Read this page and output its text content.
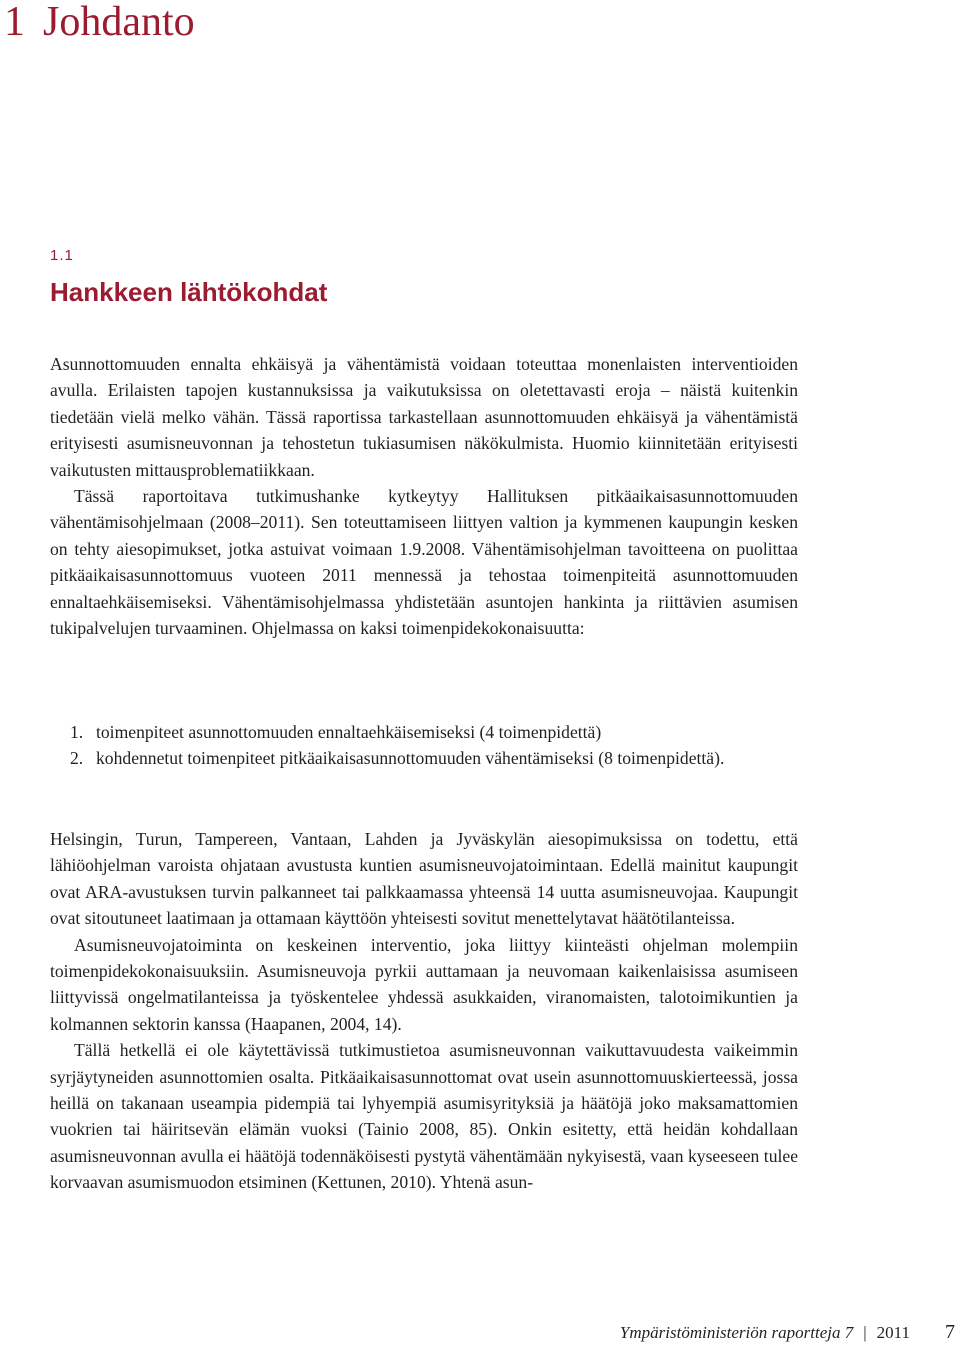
1 Johdanto
1.1
Hankkeen lähtökohdat

Asunnottomuuden ennalta ehkäisyä ja vähentämistä voidaan toteuttaa monenlaisten interventioiden avulla. Erilaisten tapojen kustannuksissa ja vaikutuksissa on oletettavasti eroja – näistä kuitenkin tiedetään vielä melko vähän. Tässä raportissa tarkastellaan asunnottomuuden ehkäisyä ja vähentämistä erityisesti asumisneuvonnan ja tehostetun tukiasumisen näkökulmista. Huomio kiinnitetään erityisesti vaikutusten mittausproblematiikkaan.

Tässä raportoitava tutkimushanke kytkeytyy Hallituksen pitkäaikaisasunnottomuuden vähentämisohjelmaan (2008–2011). Sen toteuttamiseen liittyen valtion ja kymmenen kaupungin kesken on tehty aiesopimukset, jotka astuivat voimaan 1.9.2008. Vähentämisohjelman tavoitteena on puolittaa pitkäaikaisasunnottomuus vuoteen 2011 mennessä ja tehostaa toimenpiteitä asunnottomuuden ennaltaehkäisemiseksi. Vähentämisohjelmassa yhdistetään asuntojen hankinta ja riittävien asumisen tukipalvelujen turvaaminen. Ohjelmassa on kaksi toimenpidekokonaisuutta:

1. toimenpiteet asunnottomuuden ennaltaehkäisemiseksi (4 toimenpidettä)
2. kohdennetut toimenpiteet pitkäaikaisasunnottomuuden vähentämiseksi (8 toimenpidettä).

Helsingin, Turun, Tampereen, Vantaan, Lahden ja Jyväskylän aiesopimuksissa on todettu, että lähiöohjelman varoista ohjataan avustusta kuntien asumisneuvojatoimintaan. Edellä mainitut kaupungit ovat ARA-avustuksen turvin palkanneet tai palkkaamassa yhteensä 14 uutta asumisneuvojaa. Kaupungit ovat sitoutuneet laatimaan ja ottamaan käyttöön yhteisesti sovitut menettelytavat häätötilanteissa.

Asumisneuvojatoiminta on keskeinen interventio, joka liittyy kiinteästi ohjelman molempiin toimenpidekokonaisuuksiin. Asumisneuvoja pyrkii auttamaan ja neuvomaan kaikenlaisissa asumiseen liittyvissä ongelmatilanteissa ja työskentelee yhdessä asukkaiden, viranomaisten, talotoimikuntien ja kolmannen sektorin kanssa (Haapanen, 2004, 14).

Tällä hetkellä ei ole käytettävissä tutkimustietoa asumisneuvonnan vaikuttavuudesta vaikeimmin syrjäytyneiden asunnottomien osalta. Pitkäaikaisasunnottomat ovat usein asunnottomuuskierteessä, jossa heillä on takanaan useampia pidempiä tai lyhyempiä asumisyrityksiä ja häätöjä joko maksamattomien vuokrien tai häiritsevän elämän vuoksi (Tainio 2008, 85). Onkin esitetty, että heidän kohdallaan asumisneuvonnan avulla ei häätöjä todennäköisesti pystytä vähentämään nykyisestä, vaan kyseeseen tulee korvaavan asumismuodon etsiminen (Kettunen, 2010). Yhtenä asun-

Ympäristöministeriön raportteja 7 | 2011 7
